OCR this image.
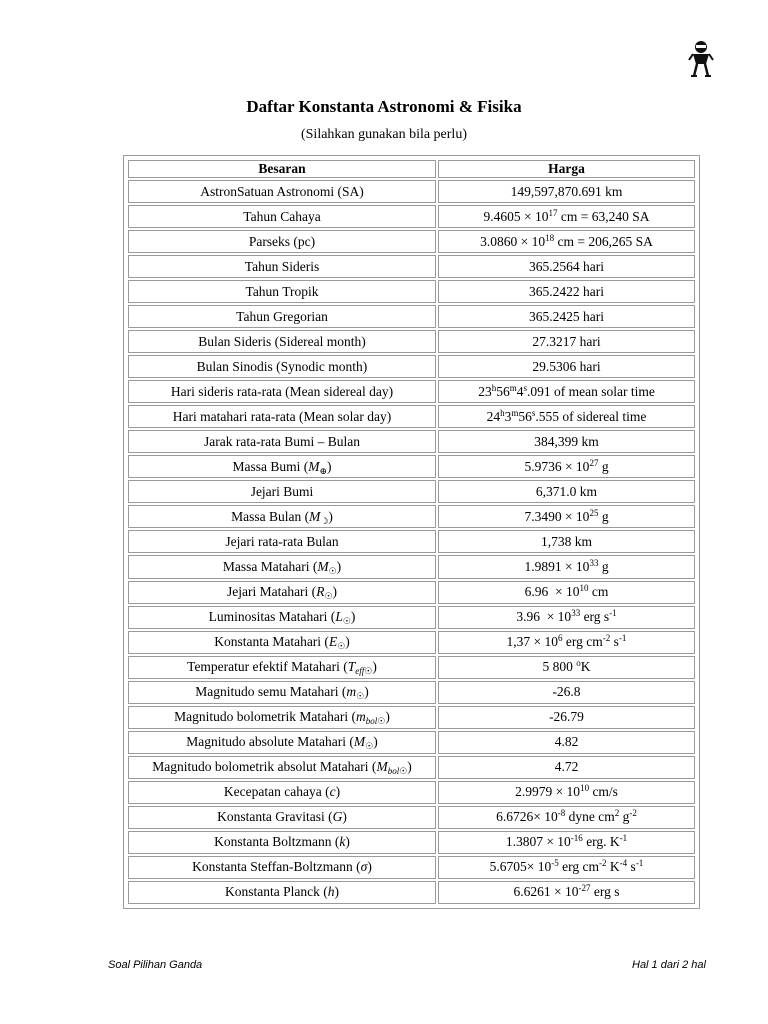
Daftar Konstanta Astronomi & Fisika
(Silahkan gunakan bila perlu)
Besaran	Harga
AstronSatuan Astronomi (SA)	149,597,870.691 km
Tahun Cahaya	$9.4605 \times 10^{17}$ cm = 63,240 SA
Parseks (pc)	$3.0860 \times 10^{18}$ cm = 206,265 SA
Tahun Sideris	365.2564 hari
Tahun Tropik	365.2422 hari
Tahun Gregorian	365.2425 hari
Bulan Sideris (Sidereal month)	27.3217 hari
Bulan Sinodis (Synodic month)	29.5306 hari
Hari sideris rata-rata (Mean sidereal day)	23$^h$56$^m$4$^s$.091 of mean solar time
Hari matahari rata-rata (Mean solar day)	24$^h$3$^m$56$^s$.555 of sidereal time
Jarak rata-rata Bumi – Bulan	384,399 km
Massa Bumi $(M_\oplus)$	$5.9736 \times 10^{27}$ g
Jejari Bumi	6,371.0 km
Massa Bulan $(M_☽)$	$7.3490 \times 10^{25}$ g
Jejari rata-rata Bulan	1,738 km
Massa Matahari $(M_☉)$	$1.9891 \times 10^{33}$ g
Jejari Matahari $(R_☉)$	$6.96 \times 10^{10}$ cm
Luminositas Matahari $(L_☉)$	$3.96 \times 10^{33}$ erg $s^{-1}$
Konstanta Matahari $(E_☉)$	$1,37 \times 10^6$ erg $cm^{-2}$ $s^{-1}$
Temperatur efektif Matahari $(T_{eff☉})$	5 800 $^o$K
Magnitudo semu Matahari $(m_☉)$	-26.8
Magnitudo bolometrik Matahari $(m_{bol☉})$	-26.79
Magnitudo absolute Matahari $(M_☉)$	4.82
Magnitudo bolometrik absolut Matahari $(M_{bol☉})$	4.72
Kecepatan cahaya (c)	$2.9979 \times 10^{10}$ cm/s
Konstanta Gravitasi (G)	$6.6726\times 10^{-8}$ dyne $cm^2$ $g^{-2}$
Konstanta Boltzmann (k)	$1.3807 \times 10^{-16}$ erg. $K^{-1}$
Konstanta Steffan-Boltzmann (σ)	$5.6705\times 10^{-5}$ erg $cm^{-2}$ $K^{-4}$ $s^{-1}$
Konstanta Planck (h)	$6.6261 \times 10^{-27}$ erg s
Soal Pilihan Ganda	Hal 1 dari 2 hal
